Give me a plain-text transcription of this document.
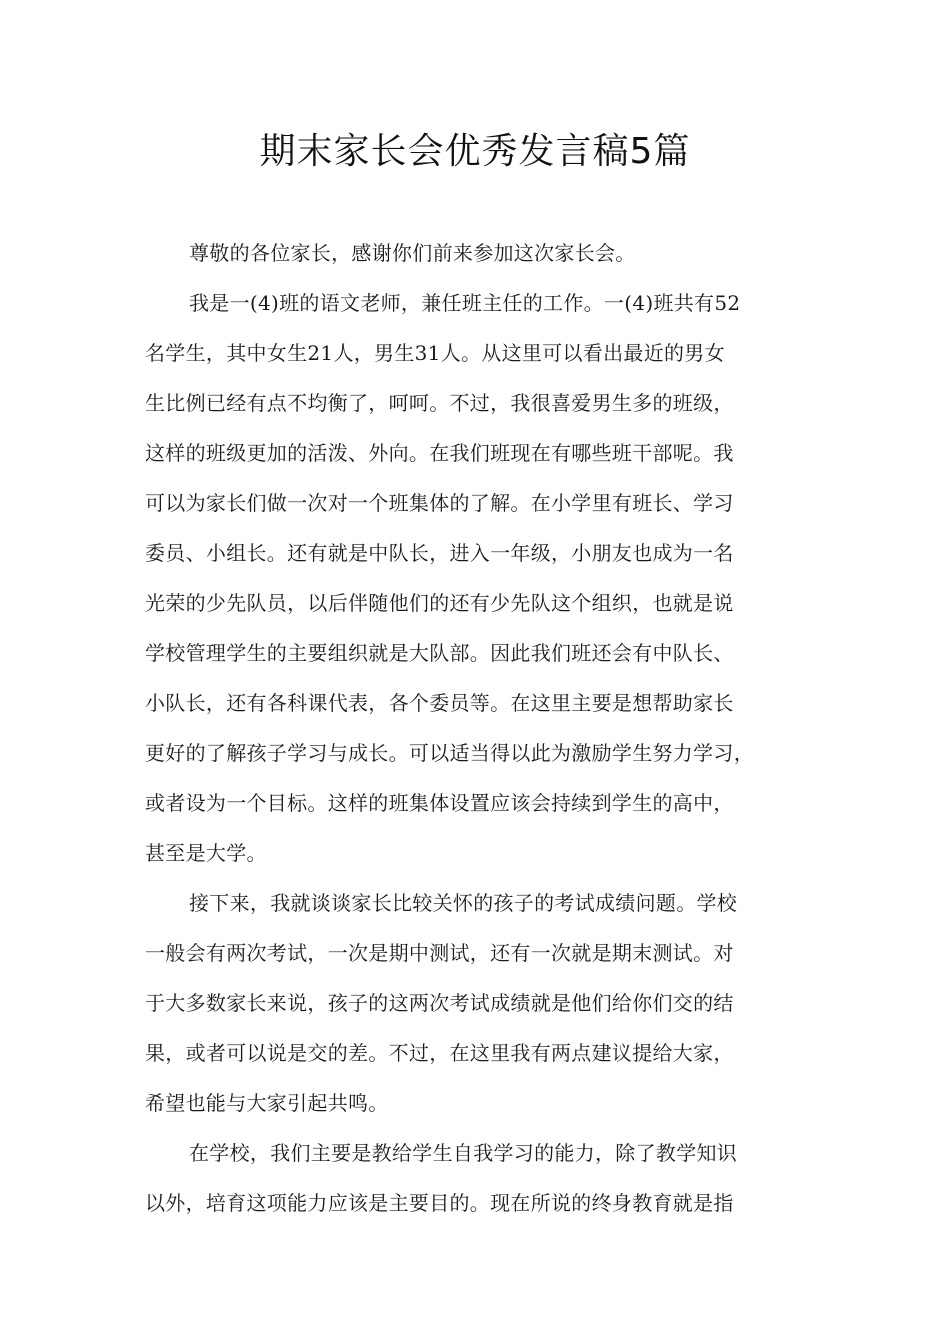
期末家长会优秀发言稿5篇
尊敬的各位家长，感谢你们前来参加这次家长会。
我是一(4)班的语文老师，兼任班主任的工作。一(4)班共有52
名学生，其中女生21人，男生31人。从这里可以看出最近的男女
生比例已经有点不均衡了，呵呵。不过，我很喜爱男生多的班级，
这样的班级更加的活泼、外向。在我们班现在有哪些班干部呢。我
可以为家长们做一次对一个班集体的了解。在小学里有班长、学习
委员、小组长。还有就是中队长，进入一年级，小朋友也成为一名
光荣的少先队员，以后伴随他们的还有少先队这个组织，也就是说
学校管理学生的主要组织就是大队部。因此我们班还会有中队长、
小队长，还有各科课代表，各个委员等。在这里主要是想帮助家长
更好的了解孩子学习与成长。可以适当得以此为激励学生努力学习，
或者设为一个目标。这样的班集体设置应该会持续到学生的高中，
甚至是大学。
接下来，我就谈谈家长比较关怀的孩子的考试成绩问题。学校
一般会有两次考试，一次是期中测试，还有一次就是期末测试。对
于大多数家长来说，孩子的这两次考试成绩就是他们给你们交的结
果，或者可以说是交的差。不过，在这里我有两点建议提给大家，
希望也能与大家引起共鸣。
在学校，我们主要是教给学生自我学习的能力，除了教学知识
以外，培育这项能力应该是主要目的。现在所说的终身教育就是指
